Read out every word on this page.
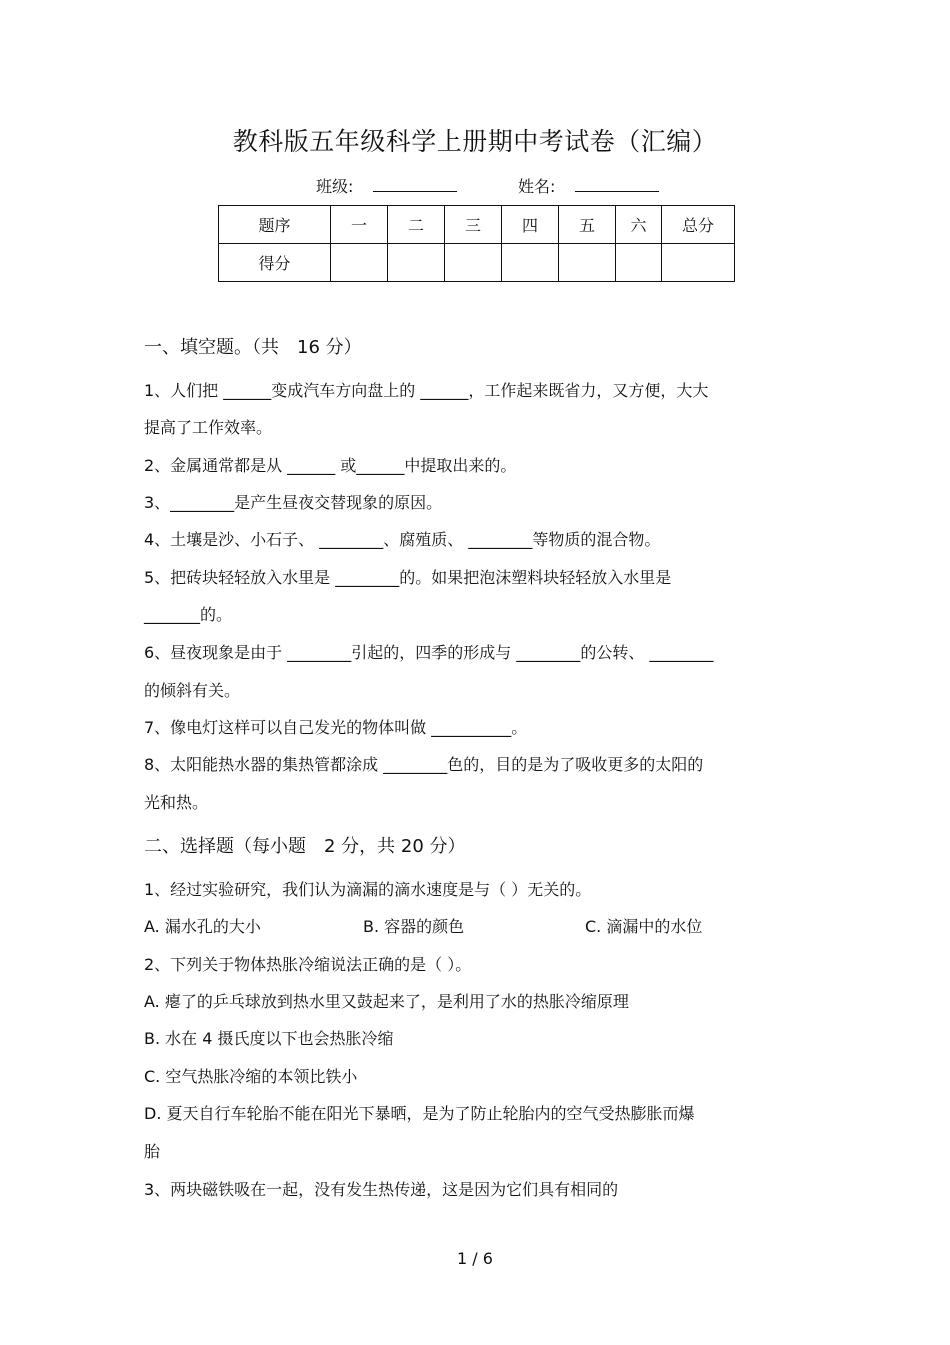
教科版五年级科学上册期中考试卷（汇编）
班级:	姓名:
题序	一	二	三	四	五	六	总分
得分							
一、填空题。（共　16 分）
1、人们把 ______变成汽车方向盘上的 ______，工作起来既省力，又方便，大大
提高了工作效率。
2、金属通常都是从 ______ 或______中提取出来的。
3、________是产生昼夜交替现象的原因。
4、土壤是沙、小石子、 ________、腐殖质、 ________等物质的混合物。
5、把砖块轻轻放入水里是 ________的。如果把泡沫塑料块轻轻放入水里是
_______的。
6、昼夜现象是由于 ________引起的，四季的形成与 ________的公转、 ________
的倾斜有关。
7、像电灯这样可以自己发光的物体叫做 __________。
8、太阳能热水器的集热管都涂成 ________色的，目的是为了吸收更多的太阳的
光和热。
二、选择题（每小题　2 分，共 20 分）
1、经过实验研究，我们认为滴漏的滴水速度是与（ ）无关的。
A. 漏水孔的大小	B. 容器的颜色	C. 滴漏中的水位
2、下列关于物体热胀冷缩说法正确的是（ ）。
A. 瘪了的乒乓球放到热水里又鼓起来了，是利用了水的热胀冷缩原理
B. 水在 4 摄氏度以下也会热胀冷缩
C. 空气热胀冷缩的本领比铁小
D. 夏天自行车轮胎不能在阳光下暴晒，是为了防止轮胎内的空气受热膨胀而爆
胎
3、两块磁铁吸在一起，没有发生热传递，这是因为它们具有相同的
1 / 6
